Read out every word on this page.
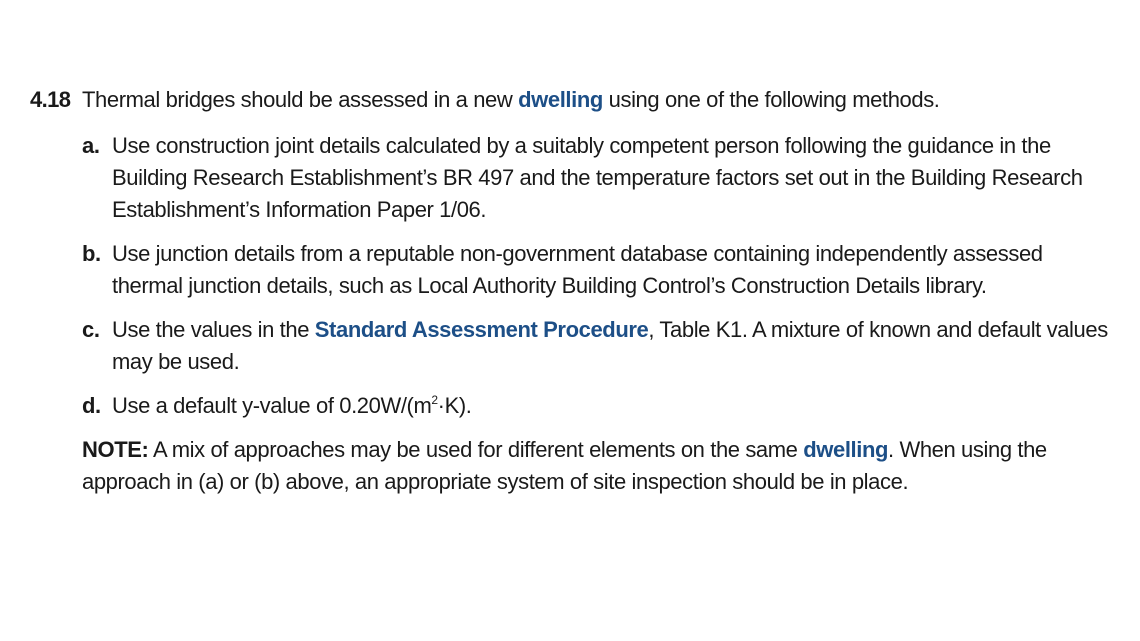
4.18 Thermal bridges should be assessed in a new dwelling using one of the following methods.
a. Use construction joint details calculated by a suitably competent person following the guidance in the Building Research Establishment’s BR 497 and the temperature factors set out in the Building Research Establishment’s Information Paper 1/06.
b. Use junction details from a reputable non-government database containing independently assessed thermal junction details, such as Local Authority Building Control’s Construction Details library.
c. Use the values in the Standard Assessment Procedure, Table K1. A mixture of known and default values may be used.
d. Use a default y-value of $0.20W/(m^2\cdot K)$.
NOTE: A mix of approaches may be used for different elements on the same dwelling. When using the approach in (a) or (b) above, an appropriate system of site inspection should be in place.
